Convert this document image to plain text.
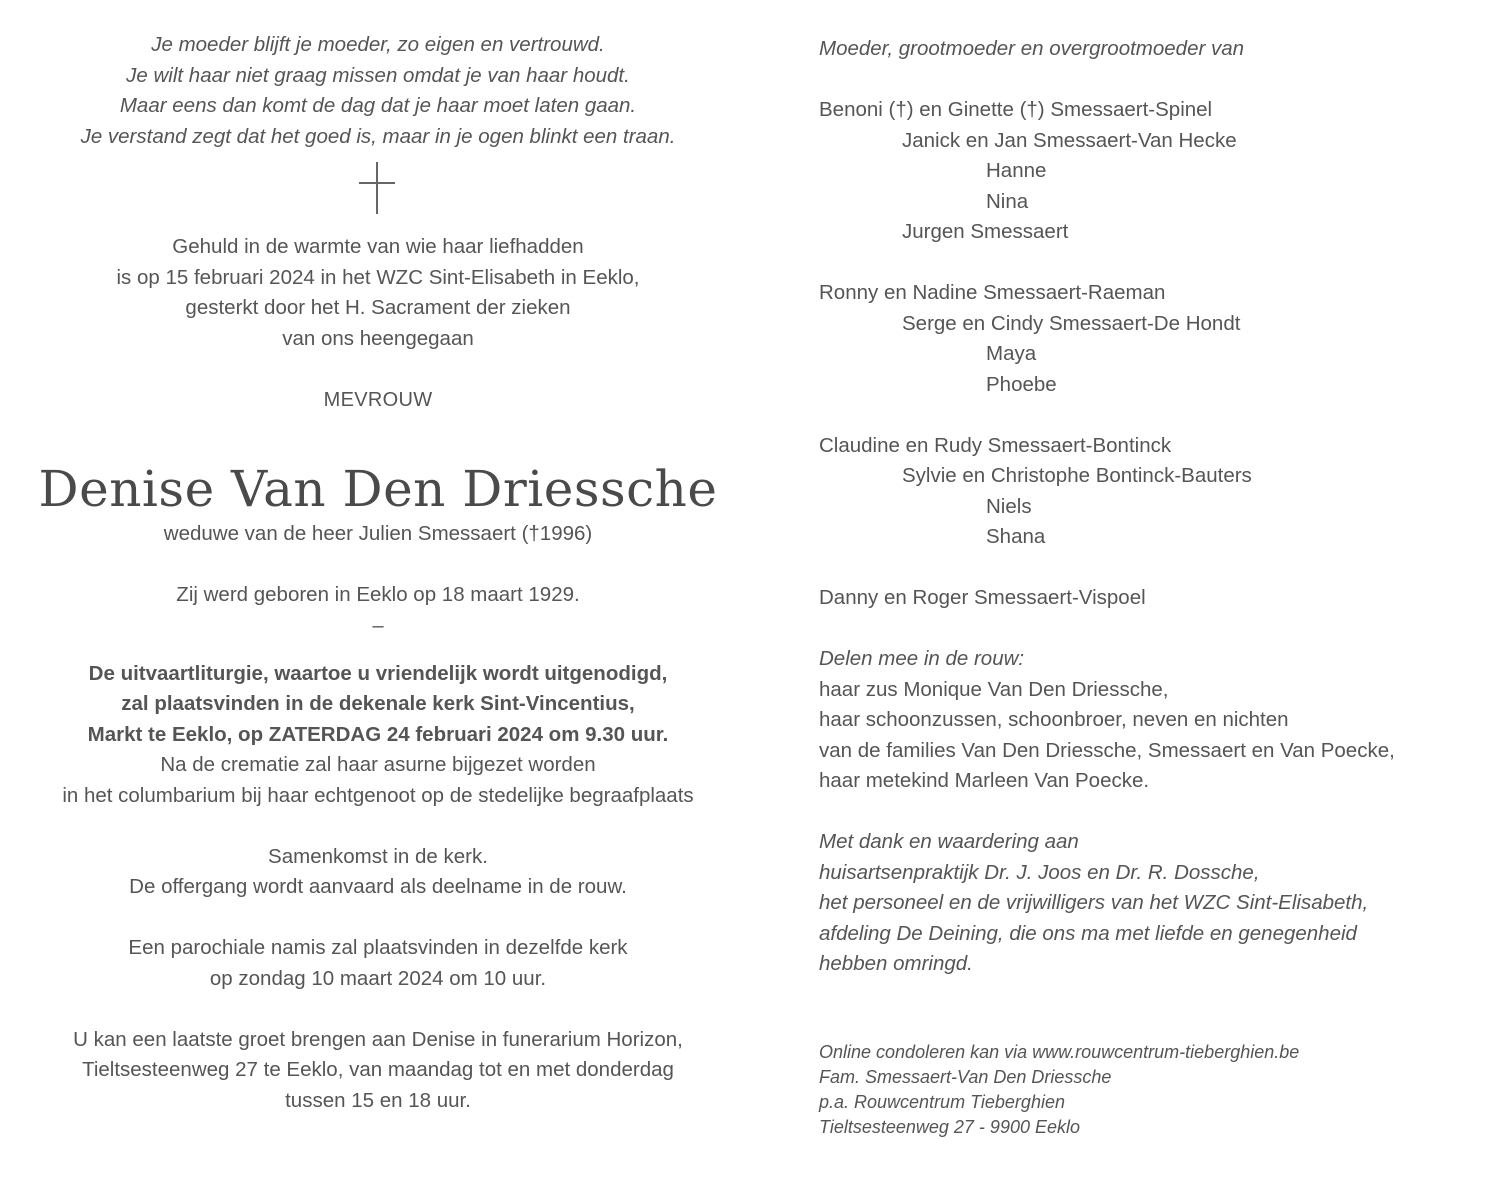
Je moeder blijft je moeder, zo eigen en vertrouwd.
Je wilt haar niet graag missen omdat je van haar houdt.
Maar eens dan komt de dag dat je haar moet laten gaan.
Je verstand zegt dat het goed is, maar in je ogen blinkt een traan.
Gehuld in de warmte van wie haar liefhadden
is op 15 februari 2024 in het WZC Sint-Elisabeth in Eeklo,
gesterkt door het H. Sacrament der zieken
van ons heengegaan
MEVROUW
Denise Van Den Driessche
weduwe van de heer Julien Smessaert (†1996)
Zij werd geboren in Eeklo op 18 maart 1929.
–
De uitvaartliturgie, waartoe u vriendelijk wordt uitgenodigd,
zal plaatsvinden in de dekenale kerk Sint-Vincentius,
Markt te Eeklo, op ZATERDAG 24 februari 2024 om 9.30 uur.
Na de crematie zal haar asurne bijgezet worden
in het columbarium bij haar echtgenoot op de stedelijke begraafplaats
Samenkomst in de kerk.
De offergang wordt aanvaard als deelname in de rouw.
Een parochiale namis zal plaatsvinden in dezelfde kerk
op zondag 10 maart 2024 om 10 uur.
U kan een laatste groet brengen aan Denise in funerarium Horizon,
Tieltsesteenweg 27 te Eeklo, van maandag tot en met donderdag
tussen 15 en 18 uur.
Moeder, grootmoeder en overgrootmoeder van
Benoni (†) en Ginette (†) Smessaert-Spinel
Janick en Jan Smessaert-Van Hecke
Hanne
Nina
Jurgen Smessaert
Ronny en Nadine Smessaert-Raeman
Serge en Cindy Smessaert-De Hondt
Maya
Phoebe
Claudine en Rudy Smessaert-Bontinck
Sylvie en Christophe Bontinck-Bauters
Niels
Shana
Danny en Roger Smessaert-Vispoel
Delen mee in de rouw:
haar zus Monique Van Den Driessche,
haar schoonzussen, schoonbroer, neven en nichten
van de families Van Den Driessche, Smessaert en Van Poecke,
haar metekind Marleen Van Poecke.
Met dank en waardering aan
huisartsenpraktijk Dr. J. Joos en Dr. R. Dossche,
het personeel en de vrijwilligers van het WZC Sint-Elisabeth,
afdeling De Deining, die ons ma met liefde en genegenheid
hebben omringd.
Online condoleren kan via www.rouwcentrum-tieberghien.be
Fam. Smessaert-Van Den Driessche
p.a. Rouwcentrum Tieberghien
Tieltsesteenweg 27 - 9900 Eeklo
